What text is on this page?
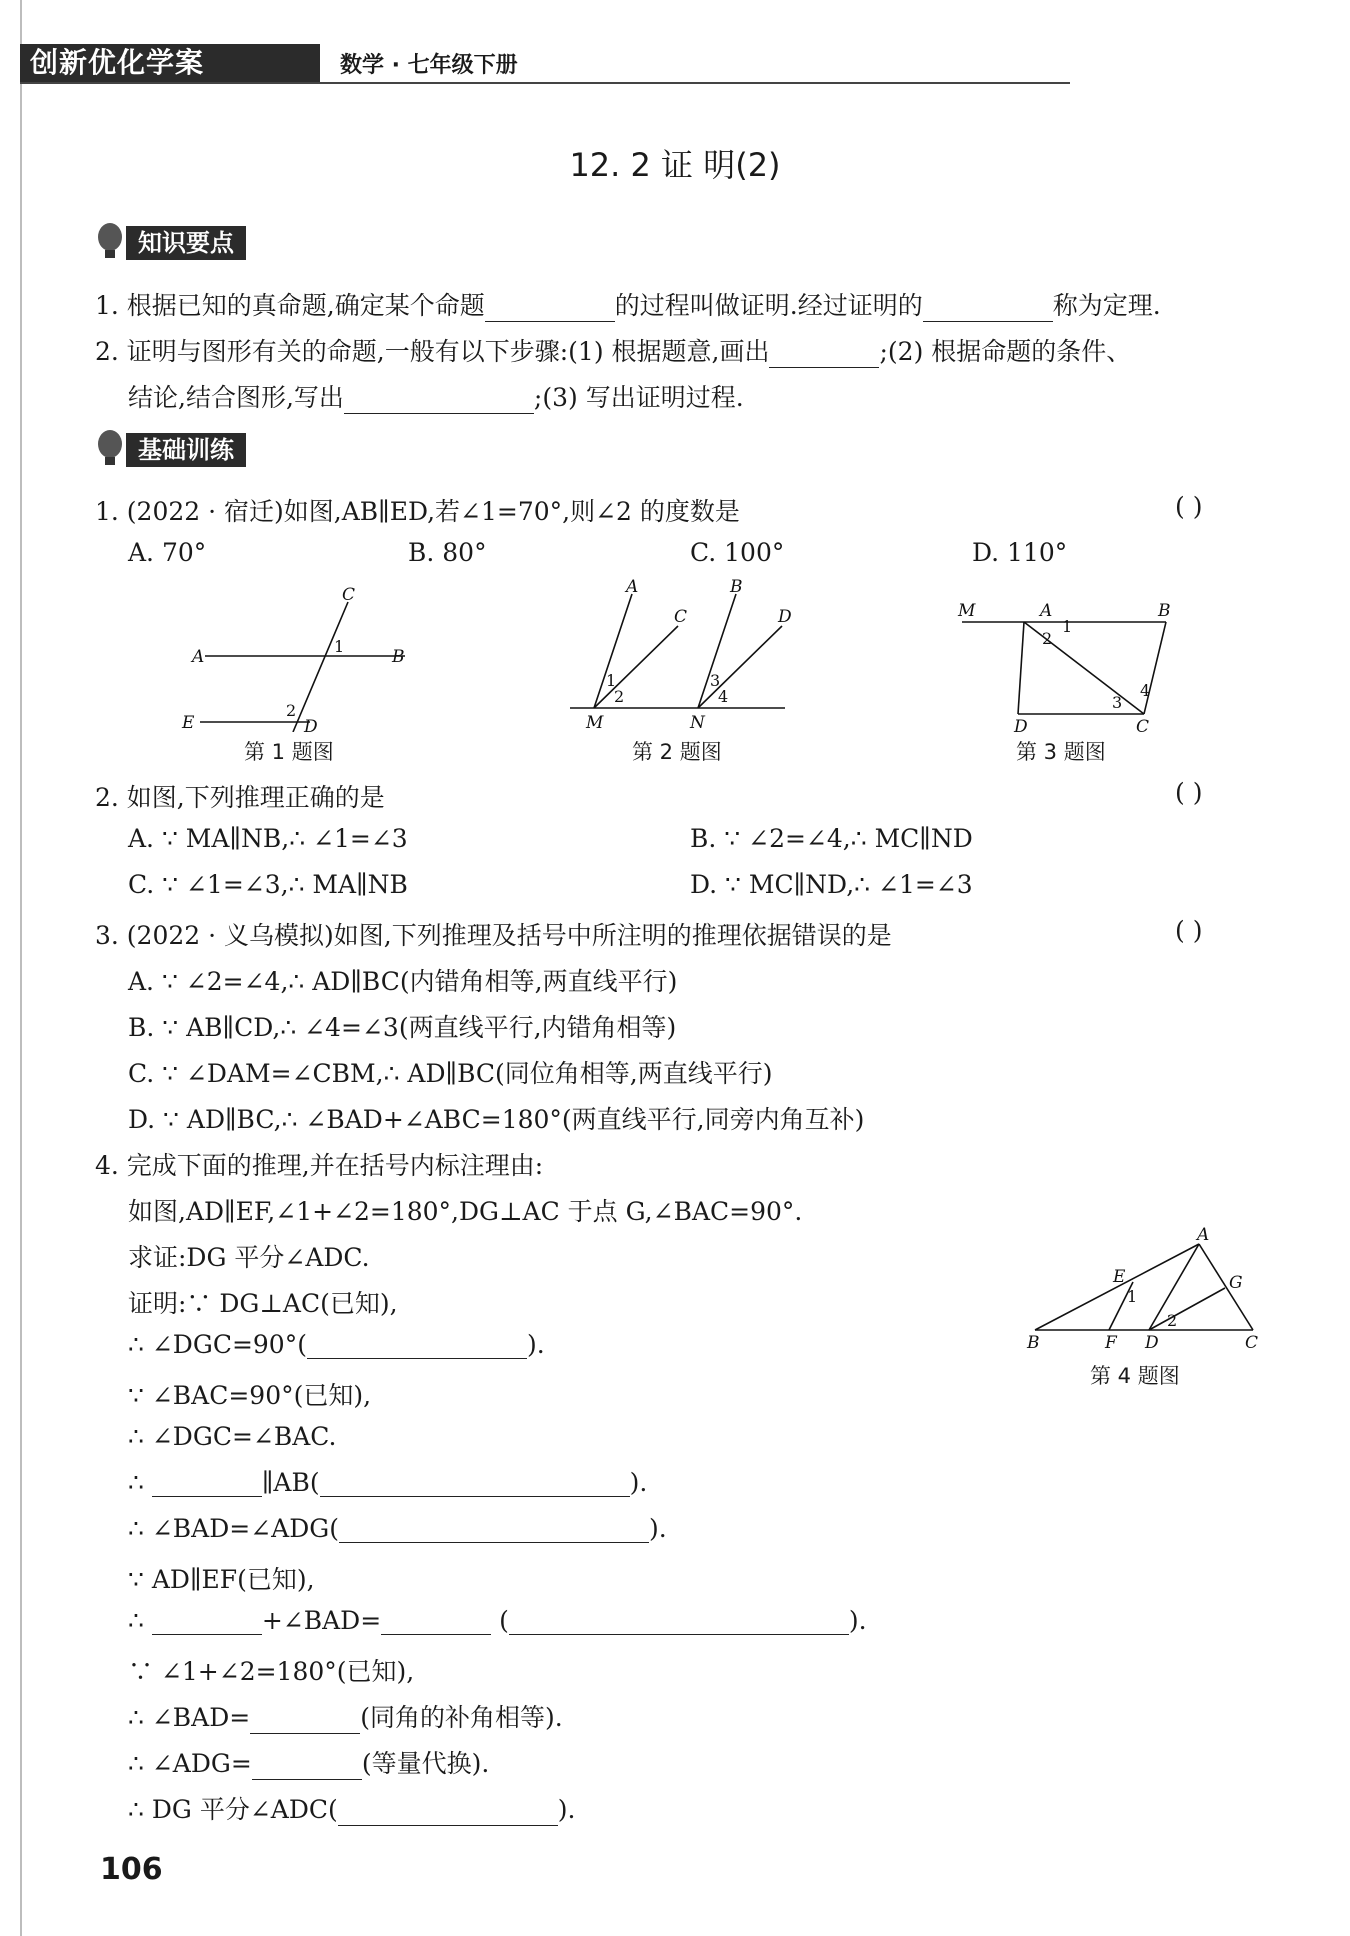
创新优化学案	数学 · 七年级下册
12. 2 证 明(2)
知识要点
1. 根据已知的真命题,确定某个命题	的过程叫做证明.经过证明的	称为定理.
2. 证明与图形有关的命题,一般有以下步骤:(1) 根据题意,画出	;(2) 根据命题的条件、
结论,结合图形,写出	;(3) 写出证明过程.
基础训练
1. (2022 · 宿迁)如图,AB∥ED,若∠1=70°,则∠2 的度数是	( )
A. 70°	B. 80°	C. 100°	D. 110°
C
A	B
E	D
1
2
第 1 题图
A
C
B
D
M	N
1
2
3
4
第 2 题图
M	A	B
D	C
1
2
3
4
第 3 题图
2. 如图,下列推理正确的是	( )
A. ∵ MA∥NB,∴ ∠1=∠3	B. ∵ ∠2=∠4,∴ MC∥ND
C. ∵ ∠1=∠3,∴ MA∥NB	D. ∵ MC∥ND,∴ ∠1=∠3
3. (2022 · 义乌模拟)如图,下列推理及括号中所注明的推理依据错误的是	( )
A. ∵ ∠2=∠4,∴ AD∥BC(内错角相等,两直线平行)
B. ∵ AB∥CD,∴ ∠4=∠3(两直线平行,内错角相等)
C. ∵ ∠DAM=∠CBM,∴ AD∥BC(同位角相等,两直线平行)
D. ∵ AD∥BC,∴ ∠BAD+∠ABC=180°(两直线平行,同旁内角互补)
4. 完成下面的推理,并在括号内标注理由:
如图,AD∥EF,∠1+∠2=180°,DG⊥AC 于点 G,∠BAC=90°.
求证:DG 平分∠ADC.
证明:∵ DG⊥AC(已知),
∴ ∠DGC=90°(	).
∵ ∠BAC=90°(已知),
∴ ∠DGC=∠BAC.
∴	∥AB(	).
∴ ∠BAD=∠ADG(	).
∵ AD∥EF(已知),
∴	+∠BAD=	(	).
∵ ∠1+∠2=180°(已知),
∴ ∠BAD=	(同角的补角相等).
∴ ∠ADG=	(等量代换).
∴ DG 平分∠ADC(	).
A
E	G
B	F D	C
1
2
第 4 题图
106
